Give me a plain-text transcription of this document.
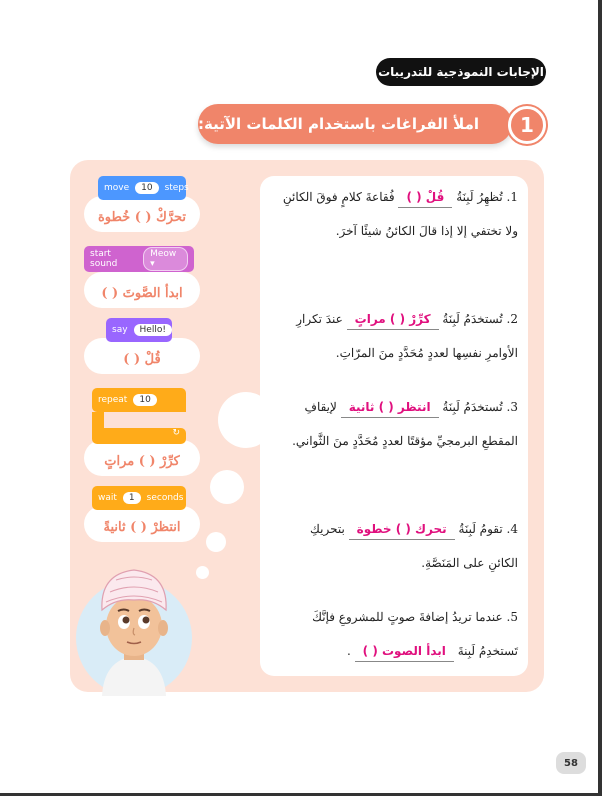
الإجابات النموذجية للتدريبات
املأ الفراغات باستخدام الكلمات الآتية:	1
move	10	steps
تحرَّكْ ( ) خُطوة
start sound
Meow ▾
ابدأ الصَّوتَ ( )
say	Hello!
قُلْ ( )
repeat	10
↻
كرِّرْ ( ) مراتٍ
wait	1	seconds
انتظرْ ( ) ثانيةً
1. تُظهِرُ لَبِنَةُ قُلْ ( ) فُقاعةَ كلامٍ فوقَ الكائنِ ولا تختفي إلا إذا قالَ الكائنُ شيئًا آخرَ.
2. تُستخدَمُ لَبِنَةُ كرِّرْ ( ) مراتٍ عندَ تكرارِ الأوامرِ نفسِها لعددٍ مُحَدَّدٍ منَ المرّاتِ.
3. تُستخدَمُ لَبِنَةُ انتظر ( ) ثانية لإيقافِ المقطعِ البرمجيِّ مؤقتًا لعددٍ مُحَدَّدٍ منَ الثَّواني.
4. تقومُ لَبِنَةُ تحرك ( ) خطوة بتحريكِ الكائنِ على المَنَصَّةِ.
5. عندما تريدُ إضافةَ صوتٍ للمشروعِ فإنَّكَ تَستخدِمُ لَبِنةَ ابدأ الصوت ( ) .
58
